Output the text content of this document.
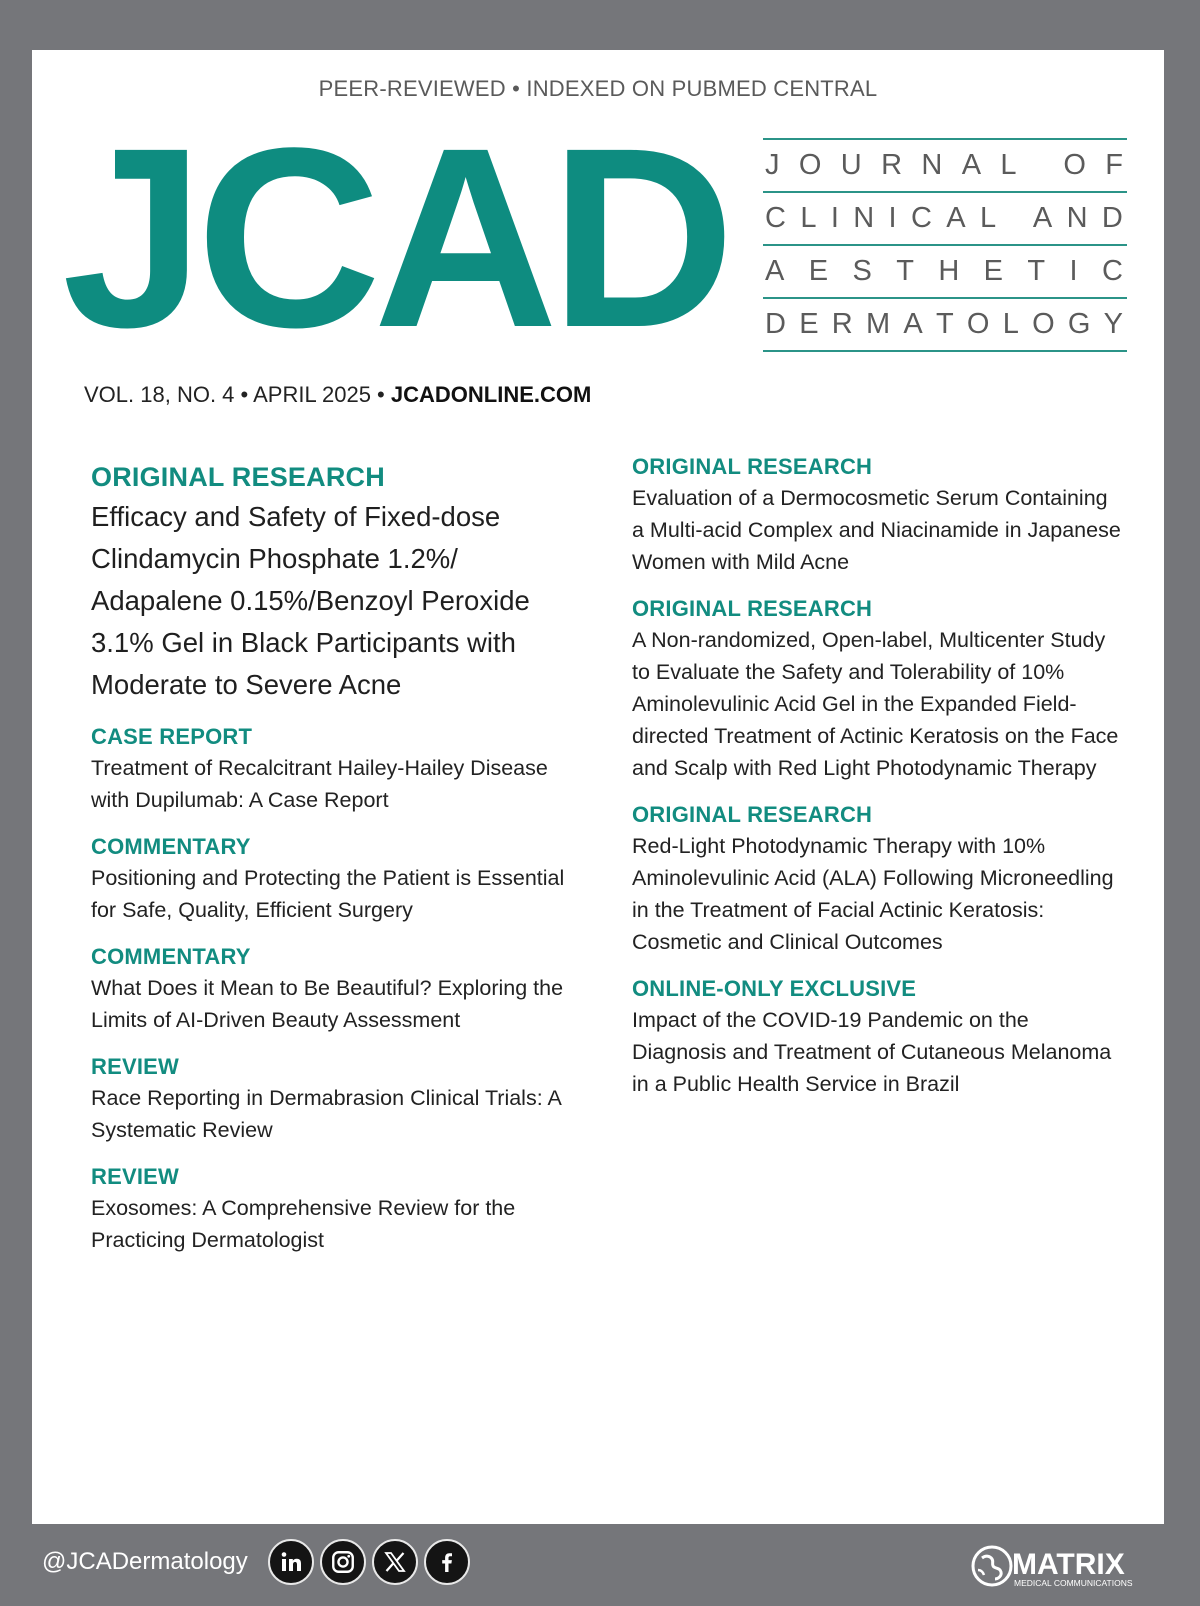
PEER-REVIEWED • INDEXED ON PUBMED CENTRAL
JCAD J O U R N A L
O F
C L I N I C A L
A N D
A E S T H E T I C
D E R M A T O L O G Y
VOL. 18, NO. 4 • APRIL 2025 • JCADONLINE.COM
ORIGINAL RESEARCH
Efficacy and Safety of Fixed-dose Clindamycin Phosphate 1.2%/ Adapalene 0.15%/Benzoyl Peroxide 3.1% Gel in Black Participants with Moderate to Severe Acne
CASE REPORT
Treatment of Recalcitrant Hailey-Hailey Disease with Dupilumab: A Case Report
COMMENTARY
Positioning and Protecting the Patient is Essential for Safe, Quality, Efficient Surgery
COMMENTARY
What Does it Mean to Be Beautiful? Exploring the Limits of AI-Driven Beauty Assessment
REVIEW
Race Reporting in Dermabrasion Clinical Trials: A Systematic Review
REVIEW
Exosomes: A Comprehensive Review for the Practicing Dermatologist
ORIGINAL RESEARCH
Evaluation of a Dermocosmetic Serum Containing a Multi-acid Complex and Niacinamide in Japanese Women with Mild Acne
ORIGINAL RESEARCH
A Non-randomized, Open-label, Multicenter Study to Evaluate the Safety and Tolerability of 10% Aminolevulinic Acid Gel in the Expanded Field-directed Treatment of Actinic Keratosis on the Face and Scalp with Red Light Photodynamic Therapy
ORIGINAL RESEARCH
Red-Light Photodynamic Therapy with 10% Aminolevulinic Acid (ALA) Following Microneedling in the Treatment of Facial Actinic Keratosis: Cosmetic and Clinical Outcomes
ONLINE-ONLY EXCLUSIVE
Impact of the COVID-19 Pandemic on the Diagnosis and Treatment of Cutaneous Melanoma in a Public Health Service in Brazil
@JCADermatology	MATRIX
MEDICAL COMMUNICATIONS
